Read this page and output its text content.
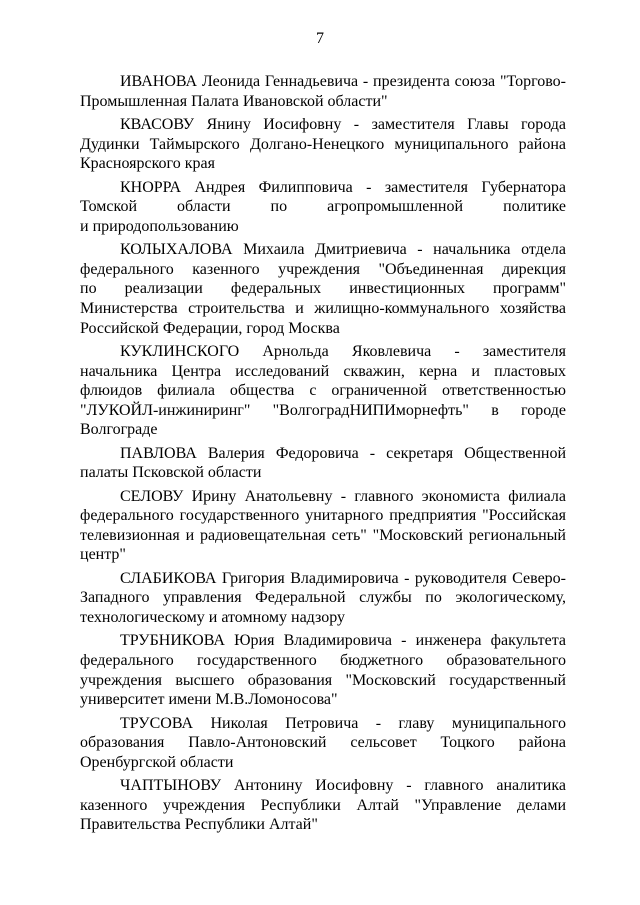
7
ИВАНОВА Леонида Геннадьевича - президента союза "Торгово-
Промышленная Палата Ивановской области"
КВАСОВУ Янину Иосифовну - заместителя Главы города
Дудинки Таймырского Долгано-Ненецкого муниципального района
Красноярского края
КНОРРА Андрея Филипповича - заместителя Губернатора
Томской области по агропромышленной политике
и природопользованию
КОЛЫХАЛОВА Михаила Дмитриевича - начальника отдела
федерального казенного учреждения "Объединенная дирекция
по реализации федеральных инвестиционных программ"
Министерства строительства и жилищно-коммунального хозяйства
Российской Федерации, город Москва
КУКЛИНСКОГО Арнольда Яковлевича - заместителя
начальника Центра исследований скважин, керна и пластовых
флюидов филиала общества с ограниченной ответственностью
"ЛУКОЙЛ-инжиниринг" "ВолгоградНИПИморнефть" в городе
Волгограде
ПАВЛОВА Валерия Федоровича - секретаря Общественной
палаты Псковской области
СЕЛОВУ Ирину Анатольевну - главного экономиста филиала
федерального государственного унитарного предприятия "Российская
телевизионная и радиовещательная сеть" "Московский региональный
центр"
СЛАБИКОВА Григория Владимировича - руководителя Северо-
Западного управления Федеральной службы по экологическому,
технологическому и атомному надзору
ТРУБНИКОВА Юрия Владимировича - инженера факультета
федерального государственного бюджетного образовательного
учреждения высшего образования "Московский государственный
университет имени М.В.Ломоносова"
ТРУСОВА Николая Петровича - главу муниципального
образования Павло-Антоновский сельсовет Тоцкого района
Оренбургской области
ЧАПТЫНОВУ Антонину Иосифовну - главного аналитика
казенного учреждения Республики Алтай "Управление делами
Правительства Республики Алтай"
